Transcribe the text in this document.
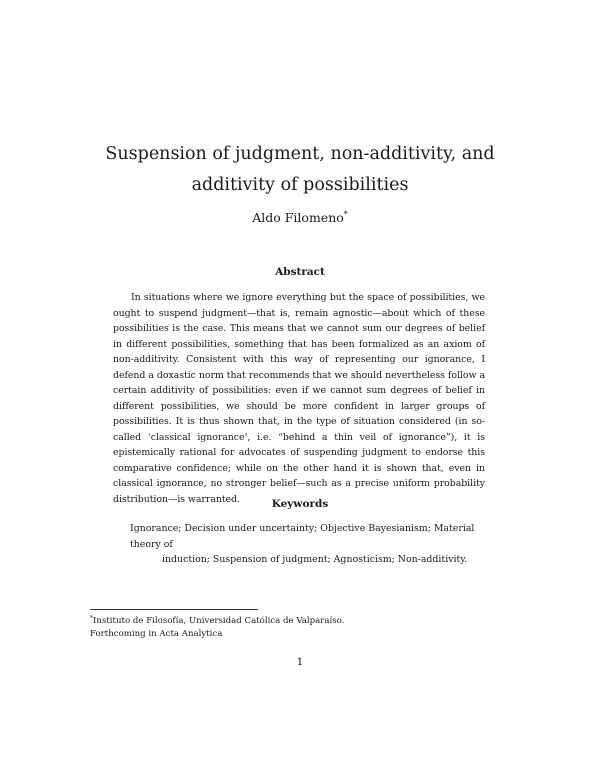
Suspension of judgment, non-additivity, and additivity of possibilities
Aldo Filomeno*
Abstract

In situations where we ignore everything but the space of possibilities, we ought to suspend judgment—that is, remain agnostic—about which of these possibilities is the case. This means that we cannot sum our degrees of belief in different possibilities, something that has been formalized as an axiom of non-additivity. Consistent with this way of representing our ignorance, I defend a doxastic norm that recommends that we should nevertheless follow a certain additivity of possibilities: even if we cannot sum degrees of belief in different possibilities, we should be more confident in larger groups of possibilities. It is thus shown that, in the type of situation considered (in so-called ‘classical ignorance’, i.e. “behind a thin veil of ignorance”), it is epistemically rational for advocates of suspending judgment to endorse this comparative confidence; while on the other hand it is shown that, even in classical ignorance, no stronger belief—such as a precise uniform probability distribution—is warranted.	Keywords

Ignorance; Decision under uncertainty; Objective Bayesianism; Material theory of
induction; Suspension of judgment; Agnosticism; Non-additivity.

*Instituto de Filosofía, Universidad Católica de Valparaíso.
Forthcoming in Acta Analytica
1
